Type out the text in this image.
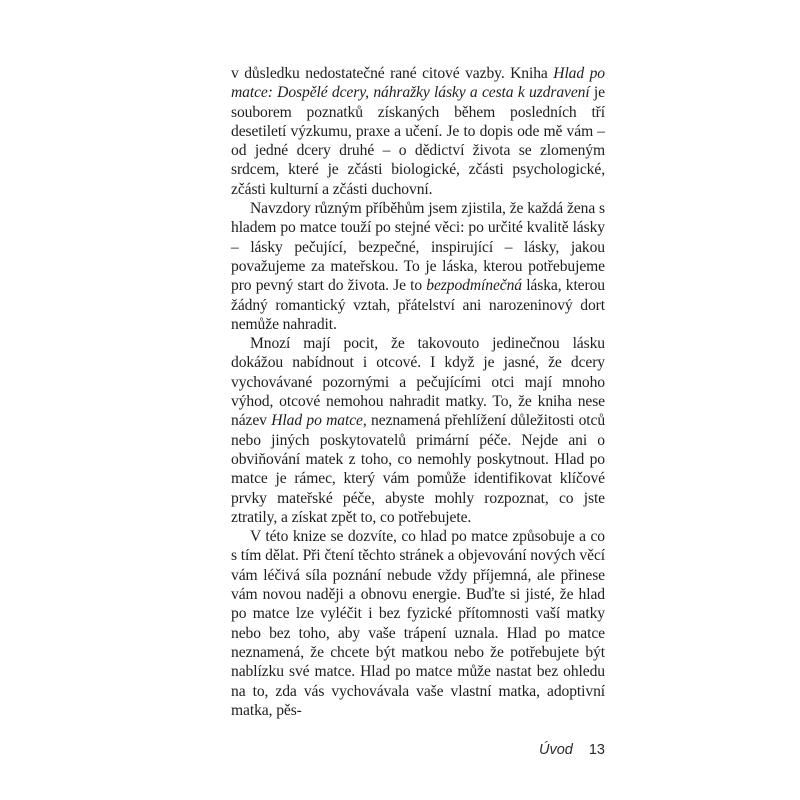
v důsledku nedostatečné rané citové vazby. Kniha Hlad po matce: Dospělé dcery, náhražky lásky a cesta k uzdravení je souborem poznatků získaných během posledních tří desetiletí výzkumu, praxe a učení. Je to dopis ode mě vám – od jedné dcery druhé – o dědictví života se zlomeným srdcem, které je zčásti biologické, zčásti psychologické, zčásti kulturní a zčásti duchovní.

Navzdory různým příběhům jsem zjistila, že každá žena s hladem po matce touží po stejné věci: po určité kvalitě lásky – lásky pečující, bezpečné, inspirující – lásky, jakou považujeme za mateřskou. To je láska, kterou potřebujeme pro pevný start do života. Je to bezpodmínečná láska, kterou žádný romantický vztah, přátelství ani narozeninový dort nemůže nahradit.

Mnozí mají pocit, že takovouto jedinečnou lásku dokážou nabídnout i otcové. I když je jasné, že dcery vychovávané pozornými a pečujícími otci mají mnoho výhod, otcové nemohou nahradit matky. To, že kniha nese název Hlad po matce, neznamená přehlížení důležitosti otců nebo jiných poskytovatelů primární péče. Nejde ani o obviňování matek z toho, co nemohly poskytnout. Hlad po matce je rámec, který vám pomůže identifikovat klíčové prvky mateřské péče, abyste mohly rozpoznat, co jste ztratily, a získat zpět to, co potřebujete.

V této knize se dozvíte, co hlad po matce způsobuje a co s tím dělat. Při čtení těchto stránek a objevování nových věcí vám léčivá síla poznání nebude vždy příjemná, ale přinese vám novou naději a obnovu energie. Buďte si jisté, že hlad po matce lze vyléčit i bez fyzické přítomnosti vaší matky nebo bez toho, aby vaše trápení uznala. Hlad po matce neznamená, že chcete být matkou nebo že potřebujete být nablízku své matce. Hlad po matce může nastat bez ohledu na to, zda vás vychovávala vaše vlastní matka, adoptivní matka, pěs-

Úvod 13
